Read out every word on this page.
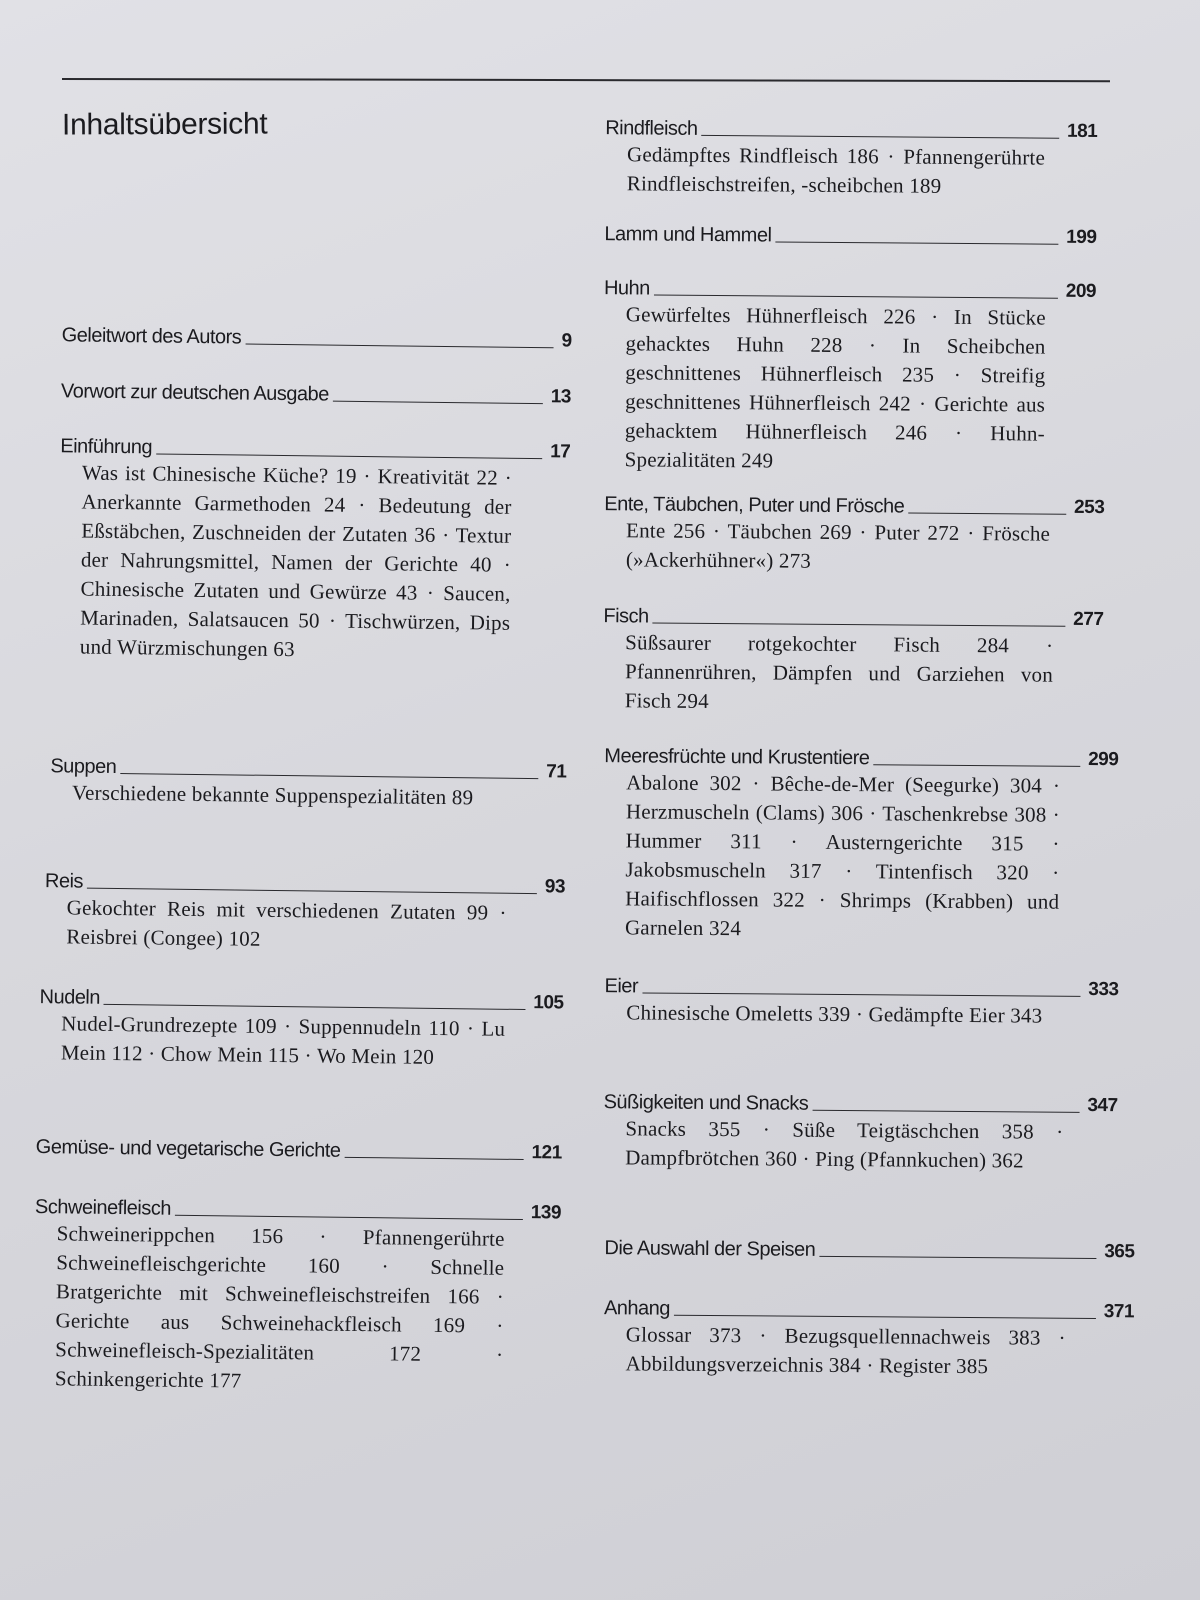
Inhaltsübersicht
Geleitwort des Autors	9
Vorwort zur deutschen Ausgabe	13
Einführung	17
Was ist Chinesische Küche? 19 · Kreativität 22 · Anerkannte Garmethoden 24 · Bedeutung der Eßstäbchen, Zuschneiden der Zutaten 36 · Textur der Nahrungsmittel, Namen der Gerichte 40 · Chinesische Zutaten und Gewürze 43 · Saucen, Marinaden, Salatsaucen 50 · Tischwürzen, Dips und Würzmischungen 63
Suppen	71
Verschiedene bekannte Suppenspezialitäten 89
Reis	93
Gekochter Reis mit verschiedenen Zutaten 99 · Reisbrei (Congee) 102
Nudeln	105
Nudel-Grundrezepte 109 · Suppennudeln 110 · Lu Mein 112 · Chow Mein 115 · Wo Mein 120
Gemüse- und vegetarische Gerichte	121
Schweinefleisch	139
Schweinerippchen 156 · Pfannengerührte Schweinefleischgerichte 160 · Schnelle Bratgerichte mit Schweinefleischstreifen 166 · Gerichte aus Schweinehackfleisch 169 · Schweinefleisch-Spezialitäten 172 · Schinkengerichte 177
Rindfleisch	181
Gedämpftes Rindfleisch 186 · Pfannengerührte Rindfleischstreifen, -scheibchen 189
Lamm und Hammel	199
Huhn	209
Gewürfeltes Hühnerfleisch 226 · In Stücke gehacktes Huhn 228 · In Scheibchen geschnittenes Hühnerfleisch 235 · Streifig geschnittenes Hühnerfleisch 242 · Gerichte aus gehacktem Hühnerfleisch 246 · Huhn-Spezialitäten 249
Ente, Täubchen, Puter und Frösche	253
Ente 256 · Täubchen 269 · Puter 272 · Frösche (»Ackerhühner«) 273
Fisch	277
Süßsaurer rotgekochter Fisch 284 · Pfannenrühren, Dämpfen und Garziehen von Fisch 294
Meeresfrüchte und Krustentiere	299
Abalone 302 · Bêche-de-Mer (Seegurke) 304 · Herzmuscheln (Clams) 306 · Taschenkrebse 308 · Hummer 311 · Austerngerichte 315 · Jakobsmuscheln 317 · Tintenfisch 320 · Haifischflossen 322 · Shrimps (Krabben) und Garnelen 324
Eier	333
Chinesische Omeletts 339 · Gedämpfte Eier 343
Süßigkeiten und Snacks	347
Snacks 355 · Süße Teigtäschchen 358 · Dampfbrötchen 360 · Ping (Pfannkuchen) 362
Die Auswahl der Speisen	365
Anhang	371
Glossar 373 · Bezugsquellennachweis 383 · Abbildungsverzeichnis 384 · Register 385
